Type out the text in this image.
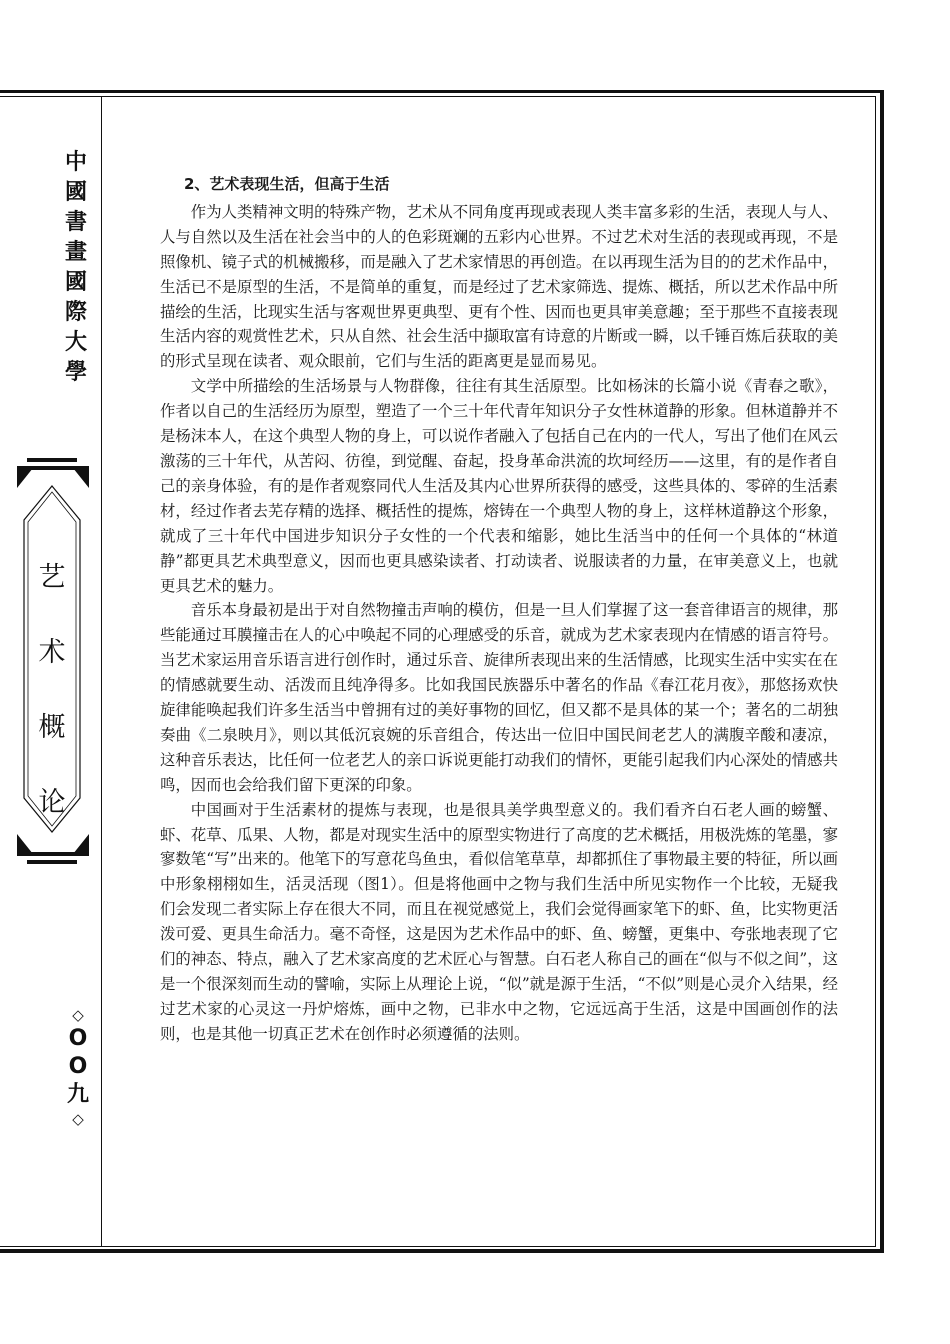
中
國
書
畫
國
際
大
學
艺
术
概
论
◇
O
O
九
◇
2、艺术表现生活，但高于生活

作为人类精神文明的特殊产物，艺术从不同角度再现或表现人类丰富多彩的生活，表现人与人、人与自然以及生活在社会当中的人的色彩斑斓的五彩内心世界。不过艺术对生活的表现或再现，不是照像机、镜子式的机械搬移，而是融入了艺术家情思的再创造。在以再现生活为目的的艺术作品中，生活已不是原型的生活，不是简单的重复，而是经过了艺术家筛选、提炼、概括，所以艺术作品中所描绘的生活，比现实生活与客观世界更典型、更有个性、因而也更具审美意趣；至于那些不直接表现生活内容的观赏性艺术，只从自然、社会生活中撷取富有诗意的片断或一瞬，以千锤百炼后获取的美的形式呈现在读者、观众眼前，它们与生活的距离更是显而易见。

文学中所描绘的生活场景与人物群像，往往有其生活原型。比如杨沫的长篇小说《青春之歌》，作者以自己的生活经历为原型，塑造了一个三十年代青年知识分子女性林道静的形象。但林道静并不是杨沫本人，在这个典型人物的身上，可以说作者融入了包括自己在内的一代人，写出了他们在风云激荡的三十年代，从苦闷、彷徨，到觉醒、奋起，投身革命洪流的坎坷经历——这里，有的是作者自己的亲身体验，有的是作者观察同代人生活及其内心世界所获得的感受，这些具体的、零碎的生活素材，经过作者去芜存精的选择、概括性的提炼，熔铸在一个典型人物的身上，这样林道静这个形象，就成了三十年代中国进步知识分子女性的一个代表和缩影，她比生活当中的任何一个具体的“林道静”都更具艺术典型意义，因而也更具感染读者、打动读者、说服读者的力量，在审美意义上，也就更具艺术的魅力。

音乐本身最初是出于对自然物撞击声响的模仿，但是一旦人们掌握了这一套音律语言的规律，那些能通过耳膜撞击在人的心中唤起不同的心理感受的乐音，就成为艺术家表现内在情感的语言符号。当艺术家运用音乐语言进行创作时，通过乐音、旋律所表现出来的生活情感，比现实生活中实实在在的情感就要生动、活泼而且纯净得多。比如我国民族器乐中著名的作品《春江花月夜》，那悠扬欢快旋律能唤起我们许多生活当中曾拥有过的美好事物的回忆，但又都不是具体的某一个；著名的二胡独奏曲《二泉映月》，则以其低沉哀婉的乐音组合，传达出一位旧中国民间老艺人的满腹辛酸和凄凉，这种音乐表达，比任何一位老艺人的亲口诉说更能打动我们的情怀，更能引起我们内心深处的情感共鸣，因而也会给我们留下更深的印象。

中国画对于生活素材的提炼与表现，也是很具美学典型意义的。我们看齐白石老人画的螃蟹、虾、花草、瓜果、人物，都是对现实生活中的原型实物进行了高度的艺术概括，用极洗炼的笔墨，寥寥数笔“写”出来的。他笔下的写意花鸟鱼虫，看似信笔草草，却都抓住了事物最主要的特征，所以画中形象栩栩如生，活灵活现（图1）。但是将他画中之物与我们生活中所见实物作一个比较，无疑我们会发现二者实际上存在很大不同，而且在视觉感觉上，我们会觉得画家笔下的虾、鱼，比实物更活泼可爱、更具生命活力。毫不奇怪，这是因为艺术作品中的虾、鱼、螃蟹，更集中、夸张地表现了它们的神态、特点，融入了艺术家高度的艺术匠心与智慧。白石老人称自己的画在“似与不似之间”，这是一个很深刻而生动的譬喻，实际上从理论上说，“似”就是源于生活，“不似”则是心灵介入结果，经过艺术家的心灵这一丹炉熔炼，画中之物，已非水中之物，它远远高于生活，这是中国画创作的法则，也是其他一切真正艺术在创作时必须遵循的法则。
